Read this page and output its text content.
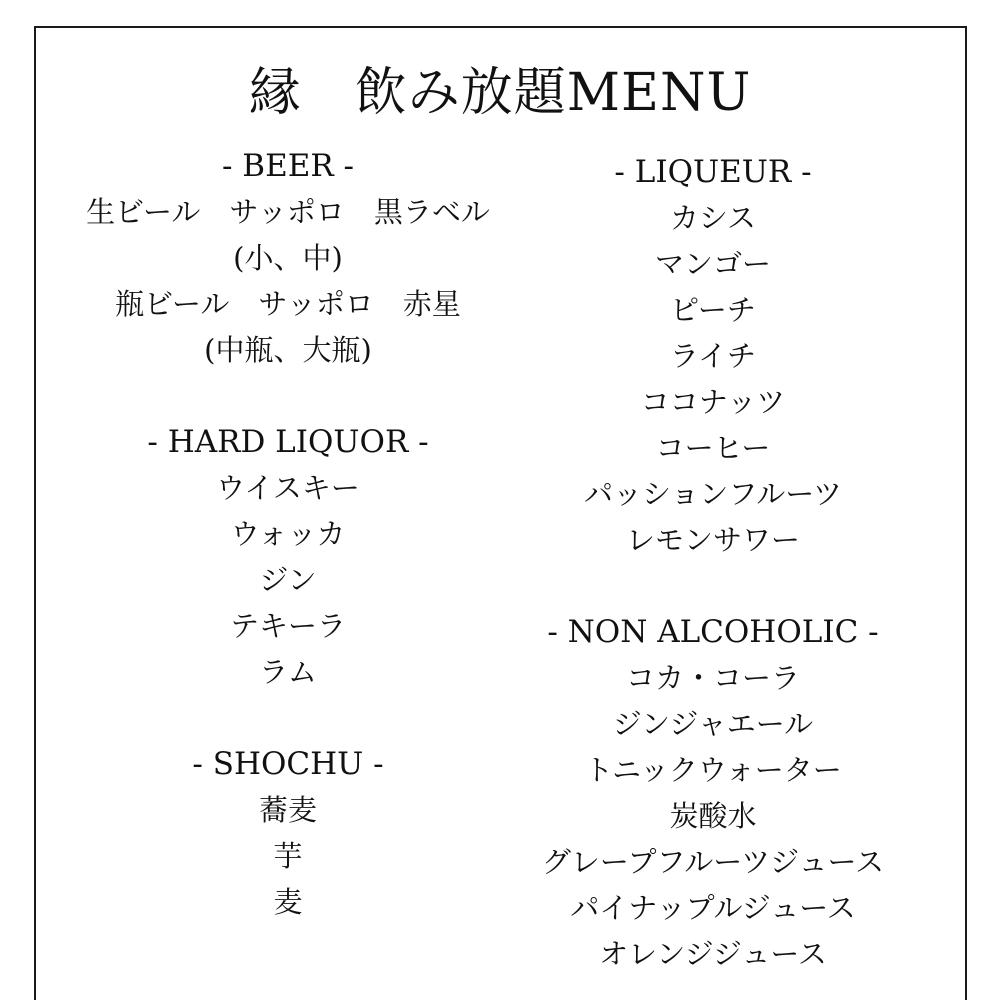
縁　飲み放題MENU
- BEER -
生ビール　サッポロ　黒ラベル
(小、中)
瓶ビール　サッポロ　赤星
(中瓶、大瓶)
- HARD LIQUOR -
ウイスキー
ウォッカ
ジン
テキーラ
ラム
- SHOCHU -
蕎麦
芋
麦
- LIQUEUR -
カシス
マンゴー
ピーチ
ライチ
ココナッツ
コーヒー
パッションフルーツ
レモンサワー
- NON ALCOHOLIC -
コカ・コーラ
ジンジャエール
トニックウォーター
炭酸水
グレープフルーツジュース
パイナップルジュース
オレンジジュース
